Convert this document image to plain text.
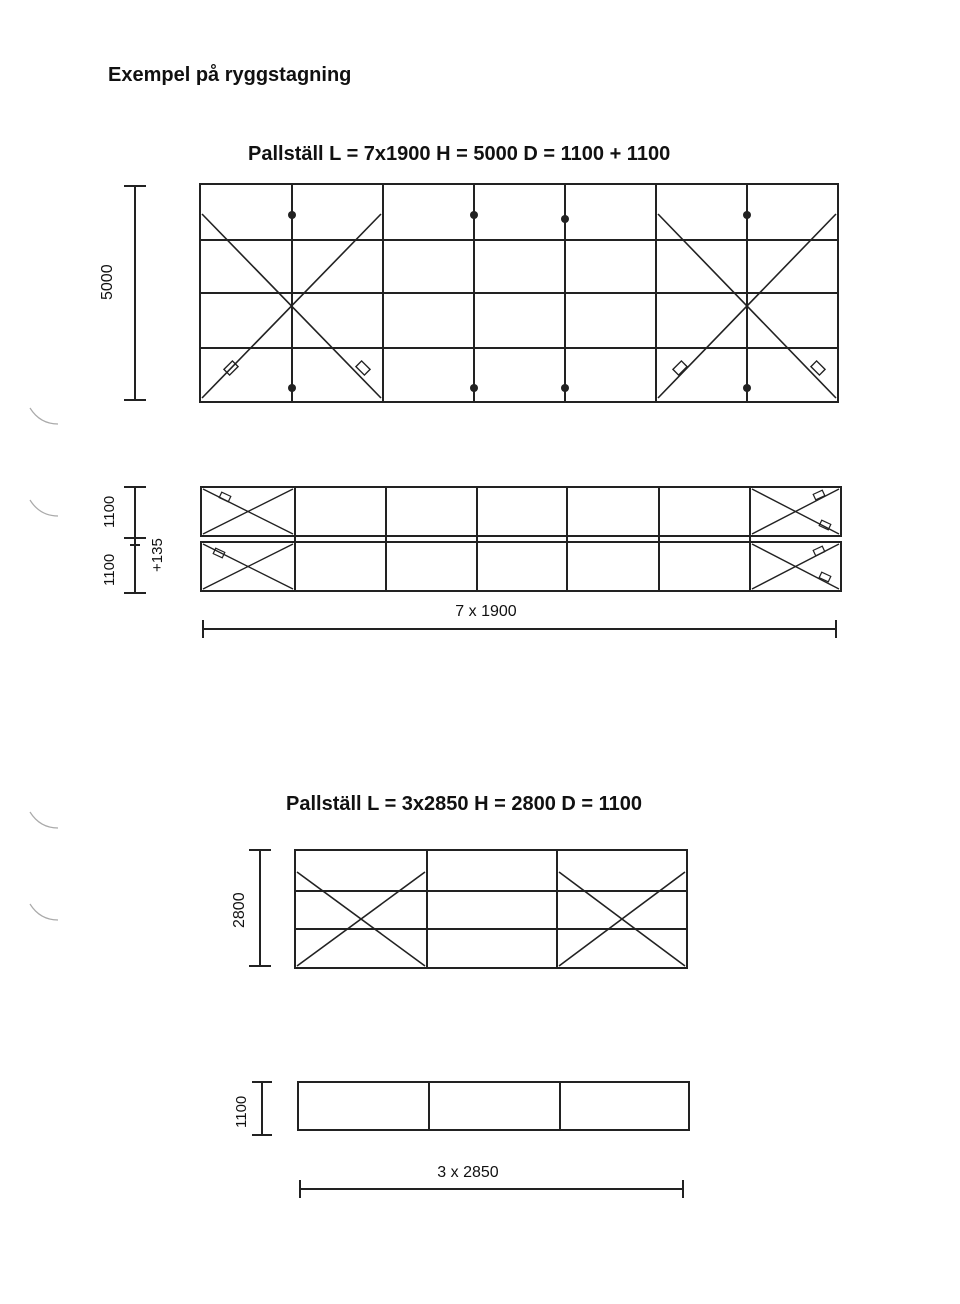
Exempel på ryggstagning
Pallställ L = 7x1900 H = 5000 D = 1100 + 1100
5000
1100
1100
+135
7 x 1900
Pallställ L = 3x2850 H = 2800 D = 1100
2800
1100
3 x 2850
